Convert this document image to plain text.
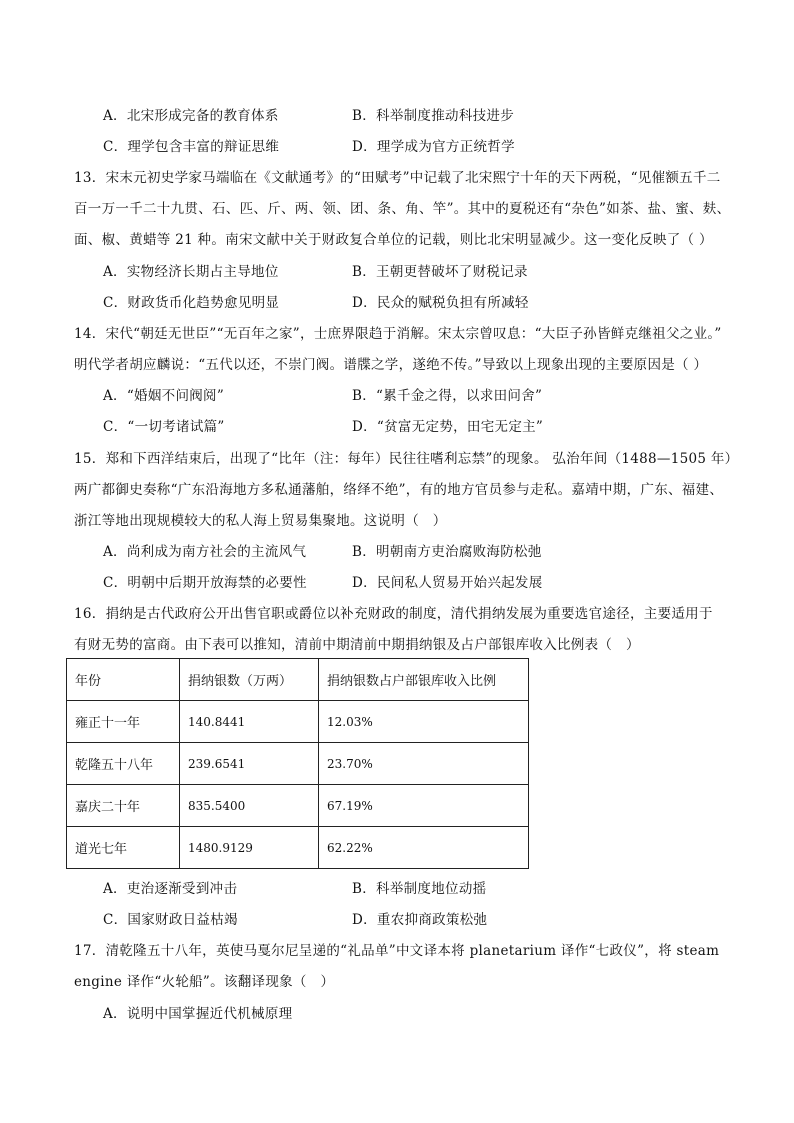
A．北宋形成完备的教育体系	B．科举制度推动科技进步
C．理学包含丰富的辩证思维	D．理学成为官方正统哲学
13．宋末元初史学家马端临在《文献通考》的“田赋考”中记载了北宋熙宁十年的天下两税，“见催额五千二
百一万一千二十九贯、石、匹、斤、两、领、团、条、角、竿”。其中的夏税还有“杂色”如茶、盐、蜜、麸、
面、椒、黄蜡等 21 种。南宋文献中关于财政复合单位的记载，则比北宋明显减少。这一变化反映了（ ）
A．实物经济长期占主导地位	B．王朝更替破坏了财税记录
C．财政货币化趋势愈见明显	D．民众的赋税负担有所减轻
14．宋代“朝廷无世臣”“无百年之家”，士庶界限趋于消解。宋太宗曾叹息：“大臣子孙皆鲜克继祖父之业。”
明代学者胡应麟说：“五代以还，不崇门阀。谱牒之学，遂绝不传。”导致以上现象出现的主要原因是（ ）
A．“婚姻不问阀阅”	B．“累千金之得，以求田问舍”
C．“一切考诸试篇”	D．“贫富无定势，田宅无定主”
15．郑和下西洋结束后，出现了“比年（注：每年）民往往嗜利忘禁”的现象。 弘治年间（1488—1505 年）
两广都御史奏称“广东沿海地方多私通藩舶，络绎不绝”，有的地方官员参与走私。嘉靖中期，广东、福建、
浙江等地出现规模较大的私人海上贸易集聚地。这说明（　）
A．尚利成为南方社会的主流风气	B．明朝南方吏治腐败海防松弛
C．明朝中后期开放海禁的必要性	D．民间私人贸易开始兴起发展
16．捐纳是古代政府公开出售官职或爵位以补充财政的制度，清代捐纳发展为重要选官途径，主要适用于
有财无势的富商。由下表可以推知，清前中期清前中期捐纳银及占户部银库收入比例表（　）
年份	捐纳银数（万两）	捐纳银数占户部银库收入比例
雍正十一年	140.8441	12.03%
乾隆五十八年	239.6541	23.70%
嘉庆二十年	835.5400	67.19%
道光七年	1480.9129	62.22%
A．吏治逐渐受到冲击	B．科举制度地位动摇
C．国家财政日益枯竭	D．重农抑商政策松弛
17．清乾隆五十八年，英使马戛尔尼呈递的“礼品单”中文译本将 planetarium 译作“七政仪”，将 steam
engine 译作“火轮船”。该翻译现象（　）
A．说明中国掌握近代机械原理
